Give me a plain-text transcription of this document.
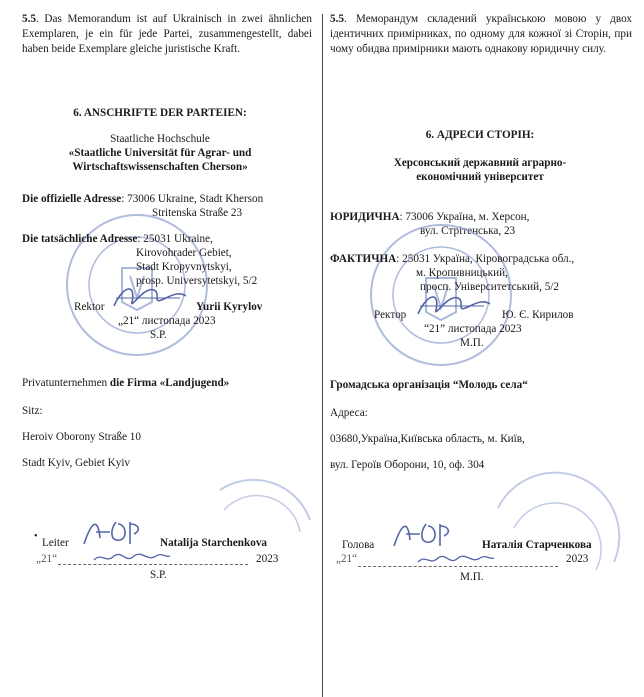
5.5. Das Memorandum ist auf Ukrainisch in zwei ähnlichen Exemplaren, je ein für jede Partei, zusammengestellt, dabei haben beide Exemplare gleiche juristische Kraft.

6. ANSCHRIFTE DER PARTEIEN:

Staatliche Hochschule

«Staatliche Universität für Agrar- und

Wirtschaftswissenschaften Cherson»

Die offizielle Adresse: 73006 Ukraine, Stadt Kherson

Stritenska Straße 23

Die tatsächliche Adresse: 25031 Ukraine,

Kirovohrader Gebiet,

Stadt Kropyvnytskyi,

prosp. Universytetskyi, 5/2

Rektor	Yurii Kyrylov

„21“ листопада 2023

S.P.

Privatunternehmen die Firma «Landjugend»

Sitz:

Heroiv Oborony Straße 10

Stadt Kyiv, Gebiet Kyiv

•

Leiter	Natalija Starchenkova

„21“	2023

S.P.

5.5. Меморандум складений українською мовою у двох ідентичних примірниках, по одному для кожної зі Сторін, при чому обидва примірники мають однакову юридичну силу.

6. АДРЕСИ СТОРІН:

Херсонський державний аграрно-

економічний університет

ЮРИДИЧНА: 73006 Україна, м. Херсон,

вул. Стрітенська, 23

ФАКТИЧНА: 25031 Україна, Кіровоградська обл.,

м. Кропивницький,

просп. Університетський, 5/2

Ректор	Ю. Є. Кирилов

“21” листопада 2023

М.П.

Громадська організація “Молодь села“

Адреса:

03680,Україна,Київська область, м. Київ,

вул. Героїв Оборони, 10, оф. 304

Голова	Наталія Старченкова

„21“	2023

М.П.
